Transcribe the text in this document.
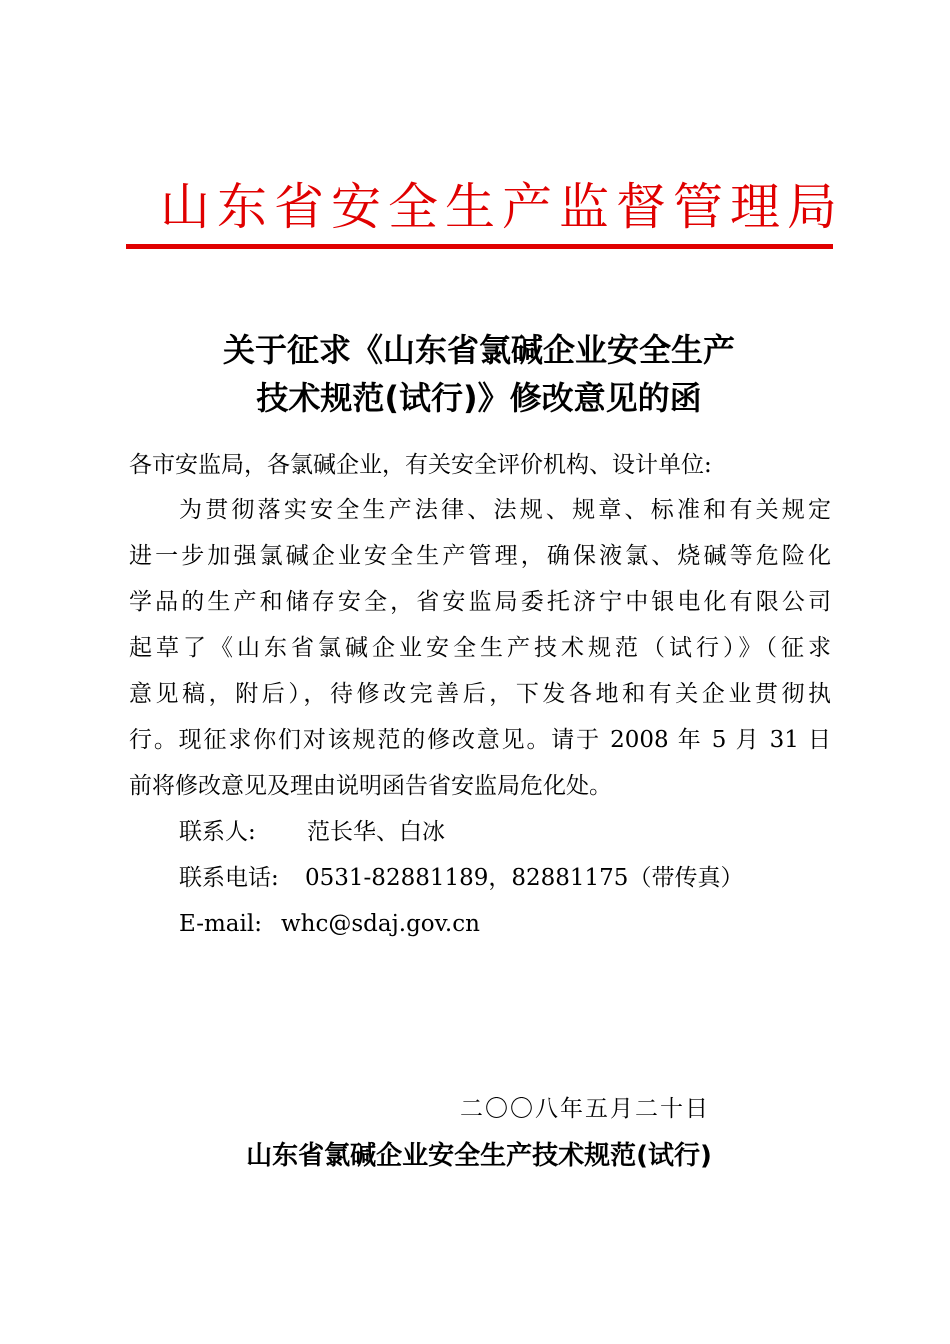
山东省安全生产监督管理局
关于征求《山东省氯碱企业安全生产
技术规范(试行)》修改意见的函
各市安监局，各氯碱企业，有关安全评价机构、设计单位:
为贯彻落实安全生产法律、法规、规章、标准和有关规定
进一步加强氯碱企业安全生产管理，确保液氯、烧碱等危险化
学品的生产和储存安全，省安监局委托济宁中银电化有限公司
起草了《山东省氯碱企业安全生产技术规范（试行）》（征求
意见稿，附后），待修改完善后，下发各地和有关企业贯彻执
行。现征求你们对该规范的修改意见。请于 2008 年 5 月 31 日
前将修改意见及理由说明函告省安监局危化处。
联系人: 范长华、白冰
联系电话: 0531-82881189，82881175（带传真）
E-mail: whc@sdaj.gov.cn
二〇〇八年五月二十日
山东省氯碱企业安全生产技术规范(试行)
